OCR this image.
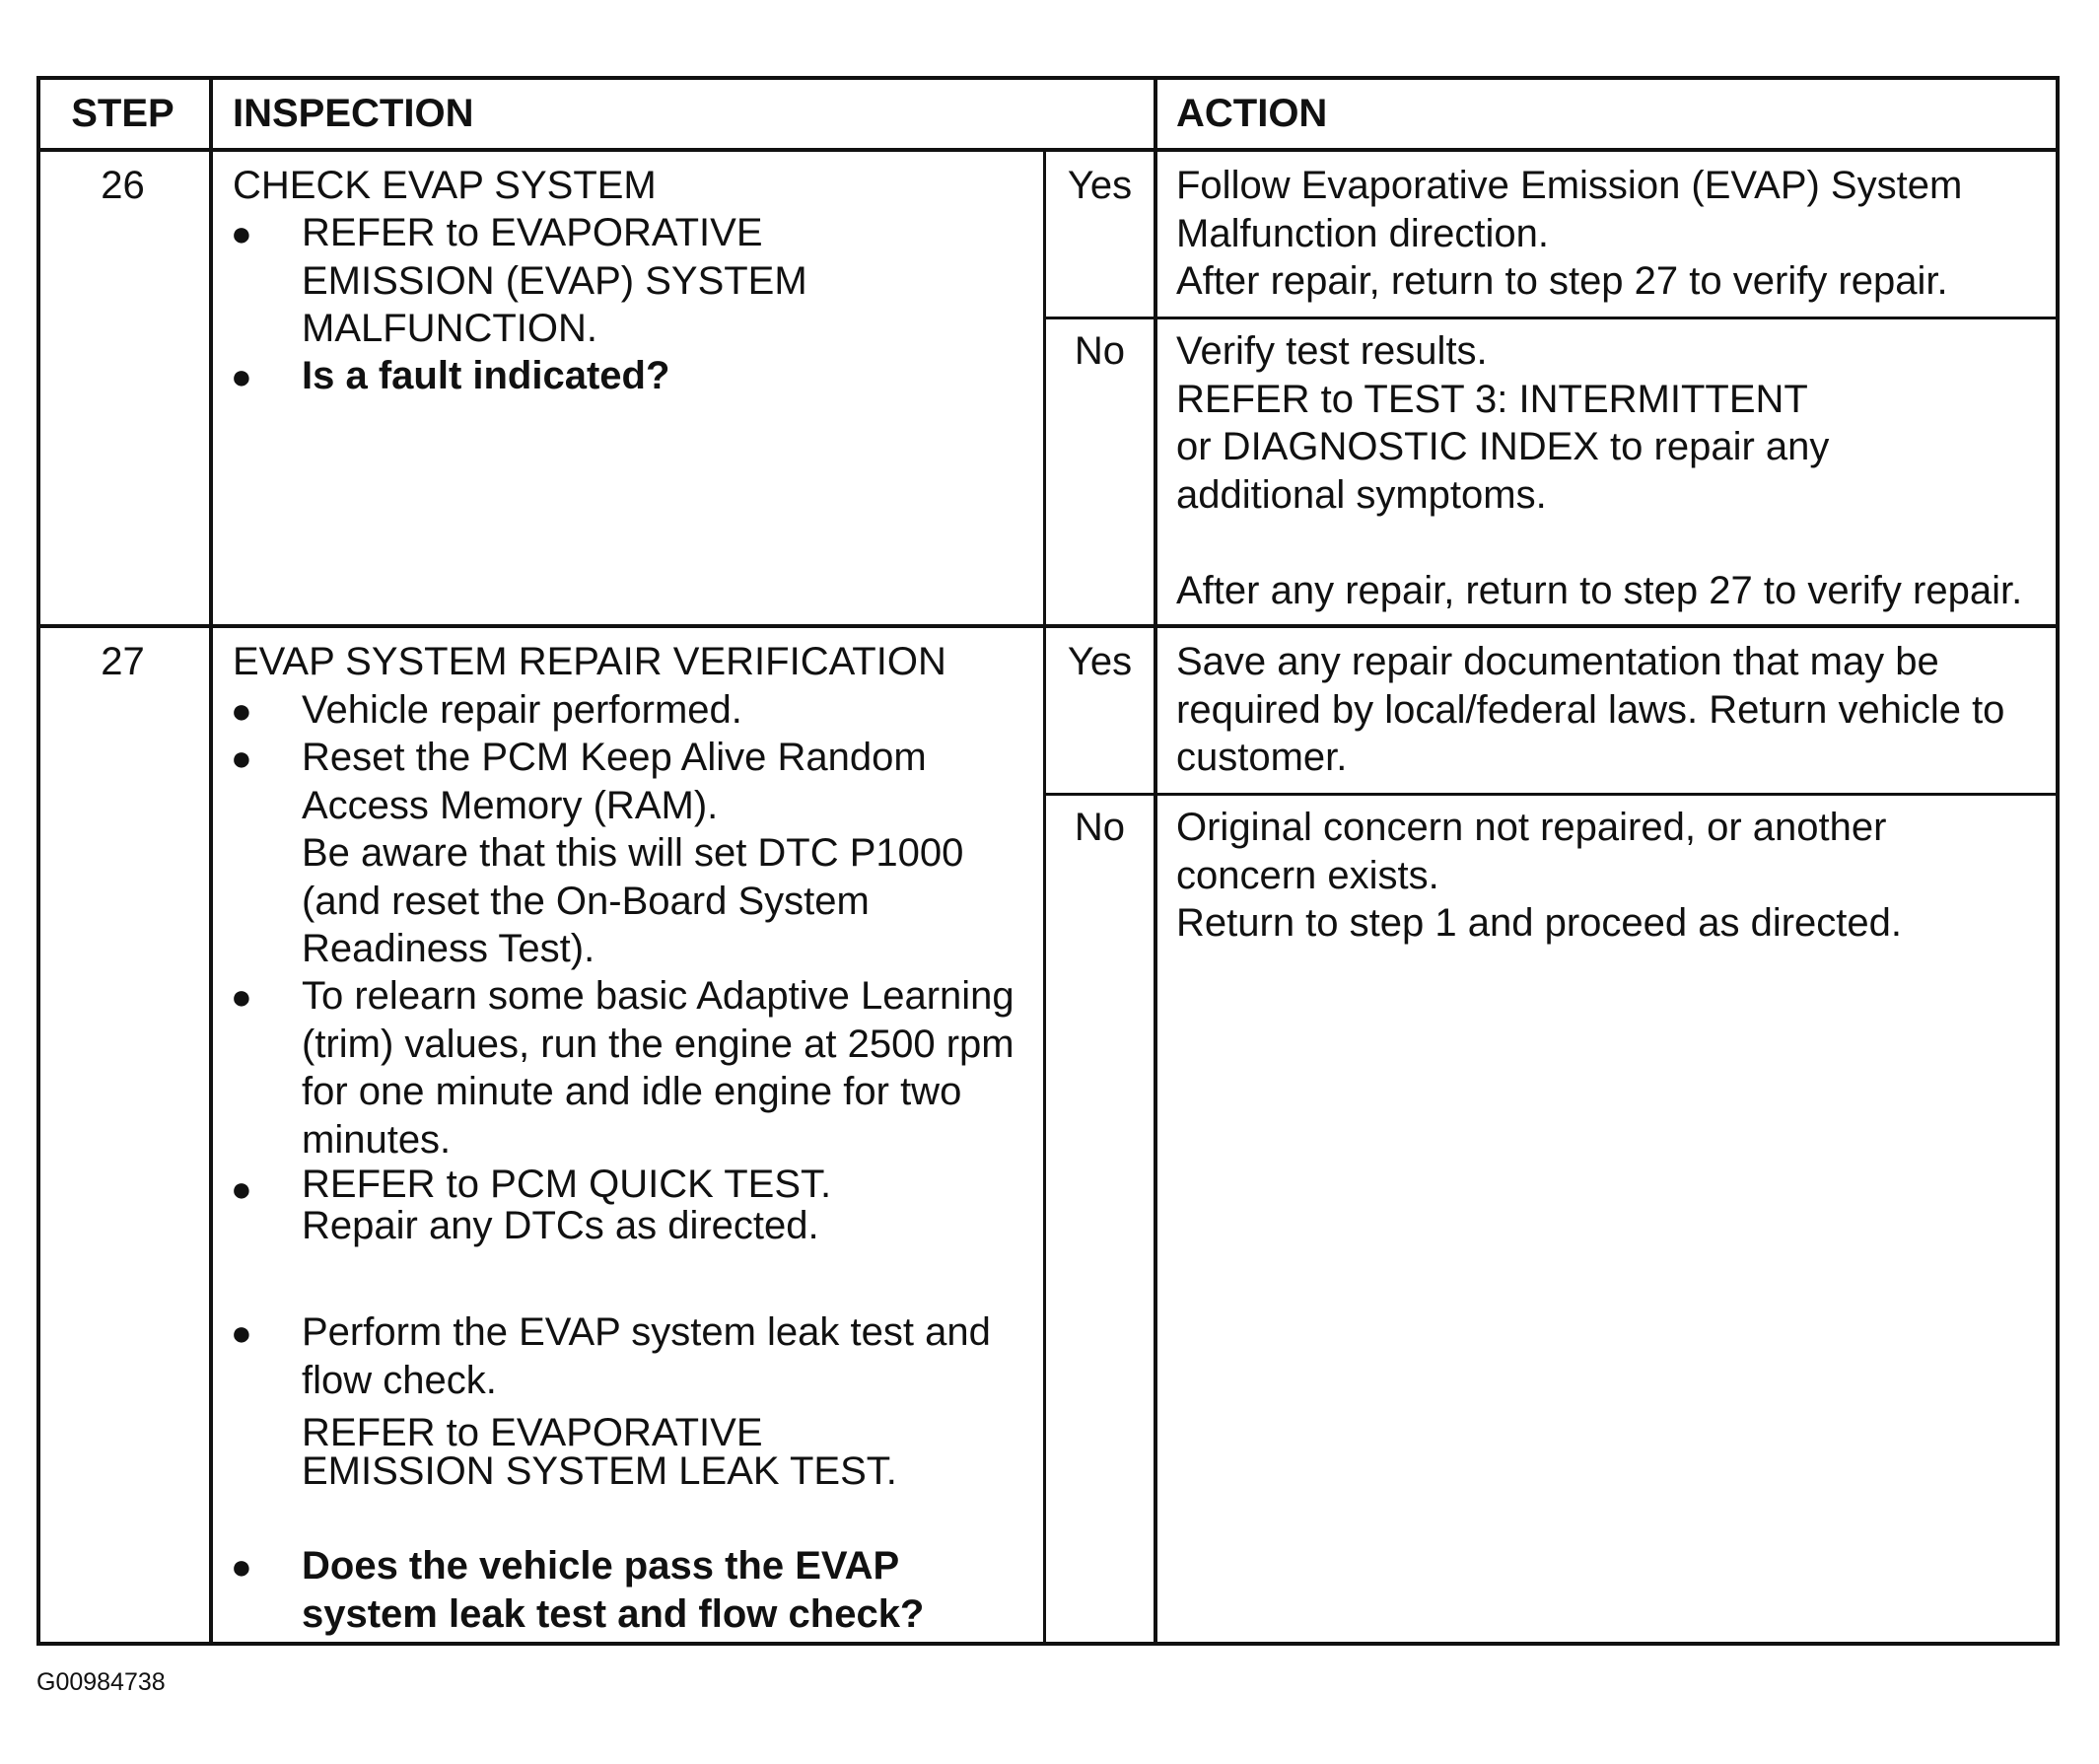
STEP	INSPECTION	ACTION
26	CHECK EVAP SYSTEM
● REFER to EVAPORATIVE
EMISSION (EVAP) SYSTEM
MALFUNCTION.
● Is a fault indicated?
Yes	Follow Evaporative Emission (EVAP) System
Malfunction direction.
After repair, return to step 27 to verify repair.
No	Verify test results.
REFER to TEST 3: INTERMITTENT
or DIAGNOSTIC INDEX to repair any
additional symptoms.
After any repair, return to step 27 to verify repair.
27	EVAP SYSTEM REPAIR VERIFICATION
● Vehicle repair performed.
● Reset the PCM Keep Alive Random
Access Memory (RAM).
Be aware that this will set DTC P1000
(and reset the On-Board System
Readiness Test).
● To relearn some basic Adaptive Learning
(trim) values, run the engine at 2500 rpm
for one minute and idle engine for two
minutes.
● REFER to PCM QUICK TEST.
Repair any DTCs as directed.
● Perform the EVAP system leak test and
flow check.
REFER to EVAPORATIVE
EMISSION SYSTEM LEAK TEST.
● Does the vehicle pass the EVAP
system leak test and flow check?
Yes	Save any repair documentation that may be
required by local/federal laws. Return vehicle to
customer.
No	Original concern not repaired, or another
concern exists.
Return to step 1 and proceed as directed.
G00984738
